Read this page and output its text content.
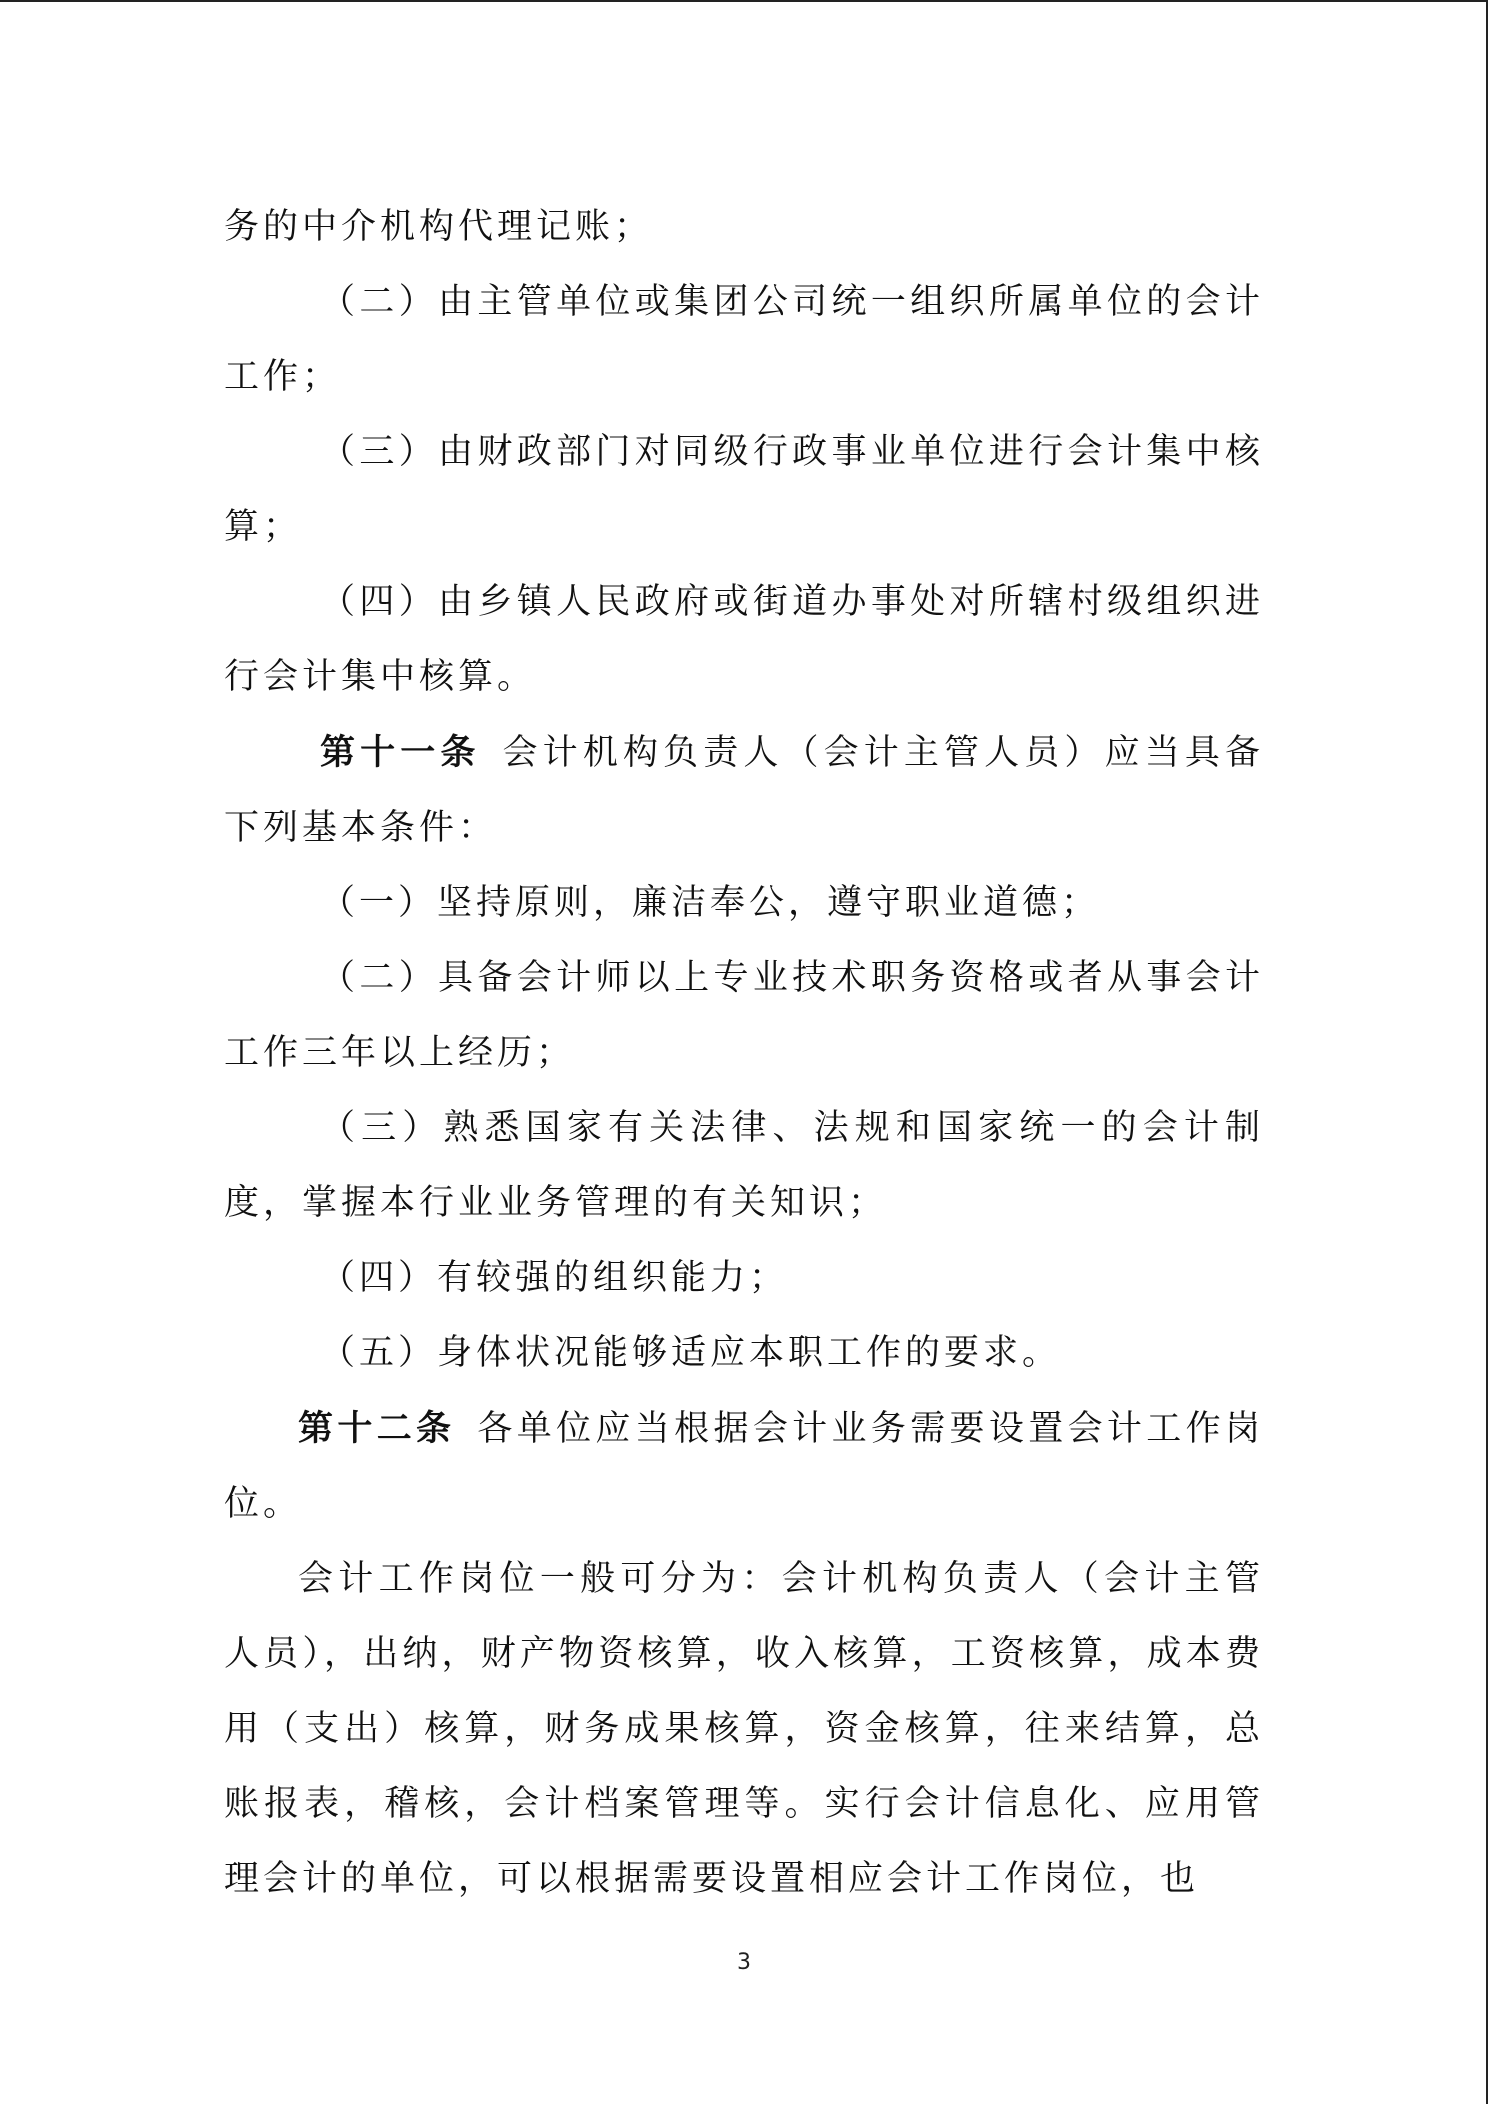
务的中介机构代理记账；

（二）由主管单位或集团公司统一组织所属单位的会计工作；

（三）由财政部门对同级行政事业单位进行会计集中核算；

（四）由乡镇人民政府或街道办事处对所辖村级组织进行会计集中核算。

第十一条 会计机构负责人（会计主管人员）应当具备下列基本条件：

（一）坚持原则，廉洁奉公，遵守职业道德；

（二）具备会计师以上专业技术职务资格或者从事会计工作三年以上经历；

（三）熟悉国家有关法律、法规和国家统一的会计制度，掌握本行业业务管理的有关知识；

（四）有较强的组织能力；

（五）身体状况能够适应本职工作的要求。

第十二条 各单位应当根据会计业务需要设置会计工作岗位。

会计工作岗位一般可分为：会计机构负责人（会计主管人员），出纳，财产物资核算，收入核算，工资核算，成本费用（支出）核算，财务成果核算，资金核算，往来结算，总账报表，稽核，会计档案管理等。实行会计信息化、应用管理会计的单位，可以根据需要设置相应会计工作岗位，也

3
